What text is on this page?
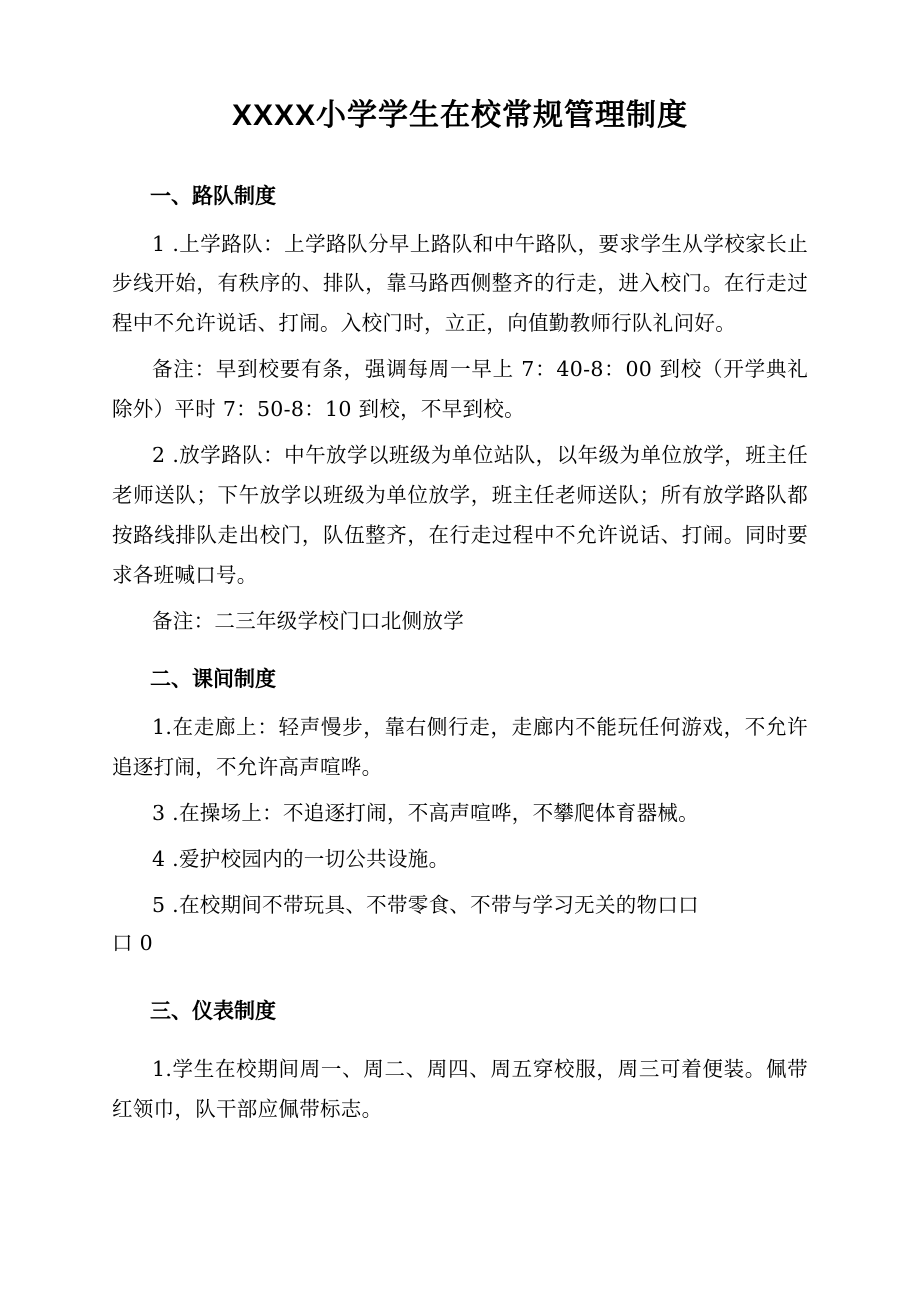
XXXX小学学生在校常规管理制度
一、路队制度

1 .上学路队：上学路队分早上路队和中午路队，要求学生从学校家长止步线开始，有秩序的、排队，靠马路西侧整齐的行走，进入校门。在行走过程中不允许说话、打闹。入校门时，立正，向值勤教师行队礼问好。

备注：早到校要有条，强调每周一早上 7：40-8：00 到校（开学典礼除外）平时 7：50-8：10 到校，不早到校。

2 .放学路队：中午放学以班级为单位站队，以年级为单位放学，班主任老师送队；下午放学以班级为单位放学，班主任老师送队；所有放学路队都按路线排队走出校门，队伍整齐，在行走过程中不允许说话、打闹。同时要求各班喊口号。

备注：二三年级学校门口北侧放学

二、课间制度

1.在走廊上：轻声慢步，靠右侧行走，走廊内不能玩任何游戏，不允许追逐打闹，不允许高声喧哗。

3 .在操场上：不追逐打闹，不高声喧哗，不攀爬体育器械。

4 .爱护校园内的一切公共设施。

5 .在校期间不带玩具、不带零食、不带与学习无关的物口口

口 0

三、仪表制度

1.学生在校期间周一、周二、周四、周五穿校服，周三可着便装。佩带红领巾，队干部应佩带标志。
